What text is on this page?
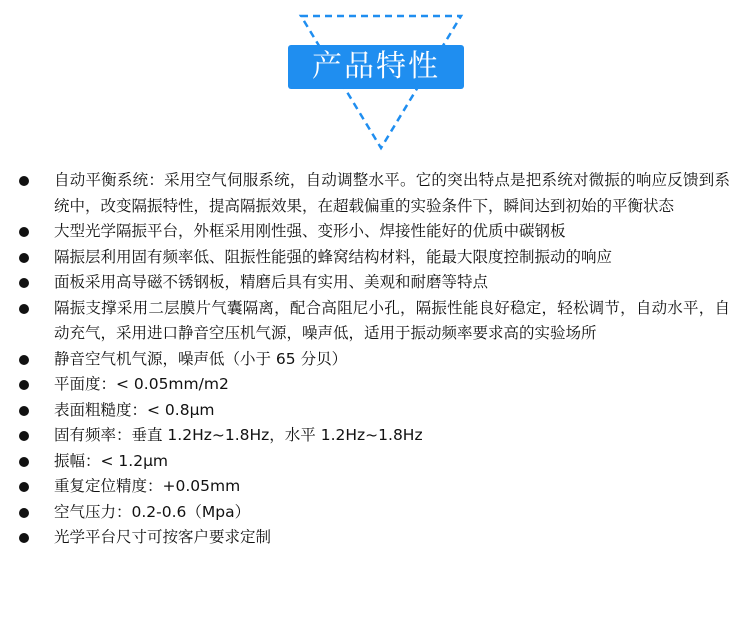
产品特性
自动平衡系统：采用空气伺服系统，自动调整水平。它的突出特点是把系统对微振的响应反馈到系统中，改变隔振特性，提高隔振效果，在超载偏重的实验条件下，瞬间达到初始的平衡状态
大型光学隔振平台，外框采用刚性强、变形小、焊接性能好的优质中碳钢板
隔振层利用固有频率低、阻振性能强的蜂窝结构材料，能最大限度控制振动的响应
面板采用高导磁不锈钢板，精磨后具有实用、美观和耐磨等特点
隔振支撑采用二层膜片气囊隔离，配合高阻尼小孔，隔振性能良好稳定，轻松调节，自动水平，自动充气，采用进口静音空压机气源，噪声低，适用于振动频率要求高的实验场所
静音空气机气源，噪声低（小于 65 分贝）
平面度：< 0.05mm/m2
表面粗糙度：< 0.8μm
固有频率：垂直 1.2Hz~1.8Hz，水平 1.2Hz~1.8Hz
振幅：< 1.2μm
重复定位精度：+0.05mm
空气压力：0.2-0.6（Mpa）
光学平台尺寸可按客户要求定制
